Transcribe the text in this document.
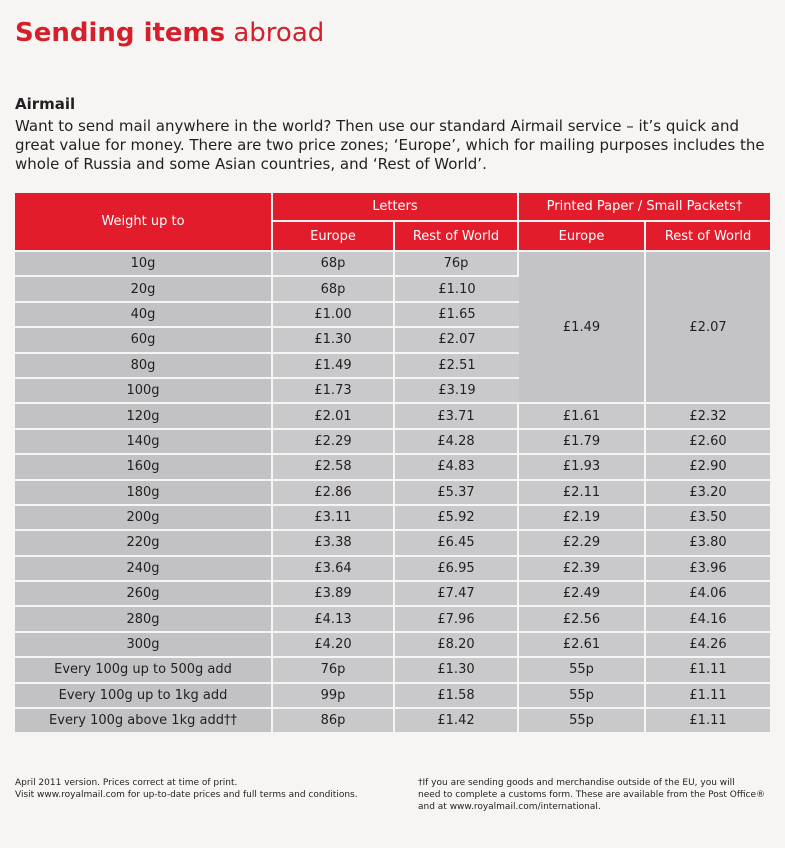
Sending items abroad
Airmail
Want to send mail anywhere in the world? Then use our standard Airmail service – it’s quick and great value for money. There are two price zones; ‘Europe’, which for mailing purposes includes the whole of Russia and some Asian countries, and ‘Rest of World’.
Weight up to	Letters		Printed Paper / Small Packets†	
	Europe	Rest of World	Europe	Rest of World
10g	68p	76p	£1.49	£2.07
20g	68p	£1.10		
40g	£1.00	£1.65		
60g	£1.30	£2.07		
80g	£1.49	£2.51		
100g	£1.73	£3.19		
120g	£2.01	£3.71	£1.61	£2.32
140g	£2.29	£4.28	£1.79	£2.60
160g	£2.58	£4.83	£1.93	£2.90
180g	£2.86	£5.37	£2.11	£3.20
200g	£3.11	£5.92	£2.19	£3.50
220g	£3.38	£6.45	£2.29	£3.80
240g	£3.64	£6.95	£2.39	£3.96
260g	£3.89	£7.47	£2.49	£4.06
280g	£4.13	£7.96	£2.56	£4.16
300g	£4.20	£8.20	£2.61	£4.26
Every 100g up to 500g add	76p	£1.30	55p	£1.11
Every 100g up to 1kg add	99p	£1.58	55p	£1.11
Every 100g above 1kg add††	86p	£1.42	55p	£1.11
April 2011 version. Prices correct at time of print.
Visit www.royalmail.com for up-to-date prices and full terms and conditions.
†If you are sending goods and merchandise outside of the EU, you will
need to complete a customs form. These are available from the Post Office®
and at www.royalmail.com/international.
